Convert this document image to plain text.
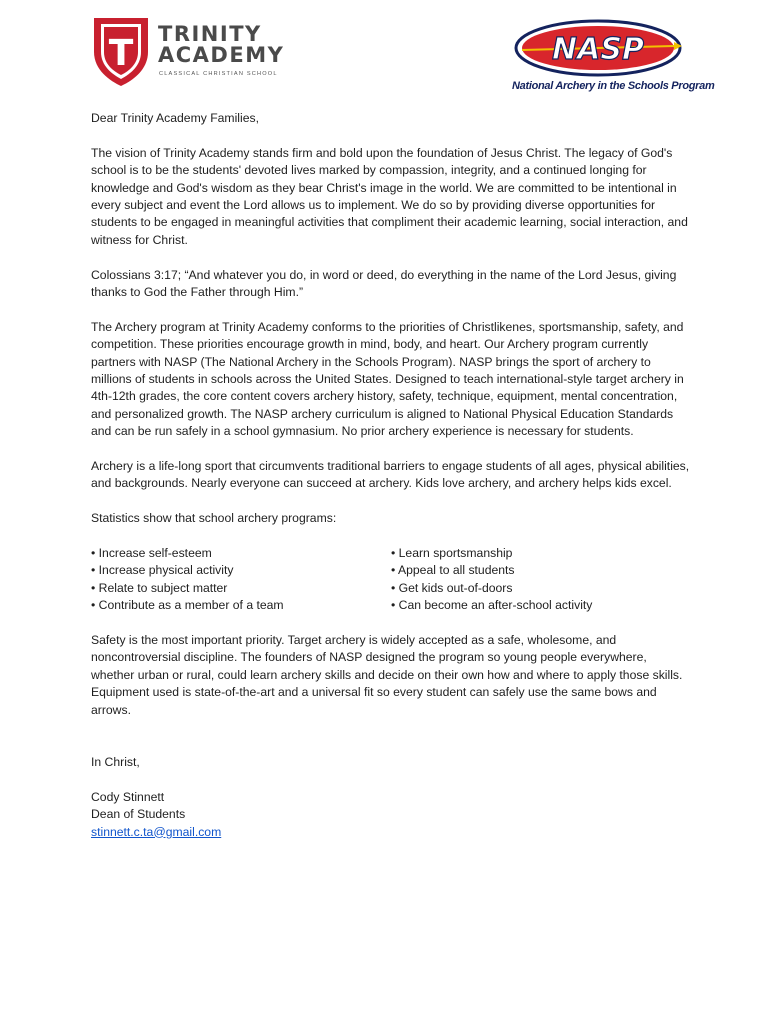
T TRINITY
ACADEMY
CLASSICAL CHRISTIAN SCHOOL
NASP
National Archery in the Schools Program

Dear Trinity Academy Families,

The vision of Trinity Academy stands firm and bold upon the foundation of Jesus Christ. The legacy of God's school is to be the students' devoted lives marked by compassion, integrity, and a continued longing for knowledge and God's wisdom as they bear Christ's image in the world. We are committed to be intentional in every subject and event the Lord allows us to implement. We do so by providing diverse opportunities for students to be engaged in meaningful activities that compliment their academic learning, social interaction, and witness for Christ.

Colossians 3:17; “And whatever you do, in word or deed, do everything in the name of the Lord Jesus, giving thanks to God the Father through Him.”

The Archery program at Trinity Academy conforms to the priorities of Christlikenes, sportsmanship, safety, and competition. These priorities encourage growth in mind, body, and heart. Our Archery program currently partners with NASP (The National Archery in the Schools Program). NASP brings the sport of archery to millions of students in schools across the United States. Designed to teach international-style target archery in 4th-12th grades, the core content covers archery history, safety, technique, equipment, mental concentration, and personalized growth. The NASP archery curriculum is aligned to National Physical Education Standards and can be run safely in a school gymnasium. No prior archery experience is necessary for students.

Archery is a life-long sport that circumvents traditional barriers to engage students of all ages, physical abilities, and backgrounds. Nearly everyone can succeed at archery. Kids love archery, and archery helps kids excel.

Statistics show that school archery programs:

• Increase self-esteem
• Increase physical activity
• Relate to subject matter
• Contribute as a member of a team
• Learn sportsmanship
• Appeal to all students
• Get kids out-of-doors
• Can become an after-school activity

Safety is the most important priority. Target archery is widely accepted as a safe, wholesome, and noncontroversial discipline. The founders of NASP designed the program so young people everywhere, whether urban or rural, could learn archery skills and decide on their own how and where to apply those skills. Equipment used is state-of-the-art and a universal fit so every student can safely use the same bows and arrows.

In Christ,

Cody Stinnett

Dean of Students

stinnett.c.ta@gmail.com
